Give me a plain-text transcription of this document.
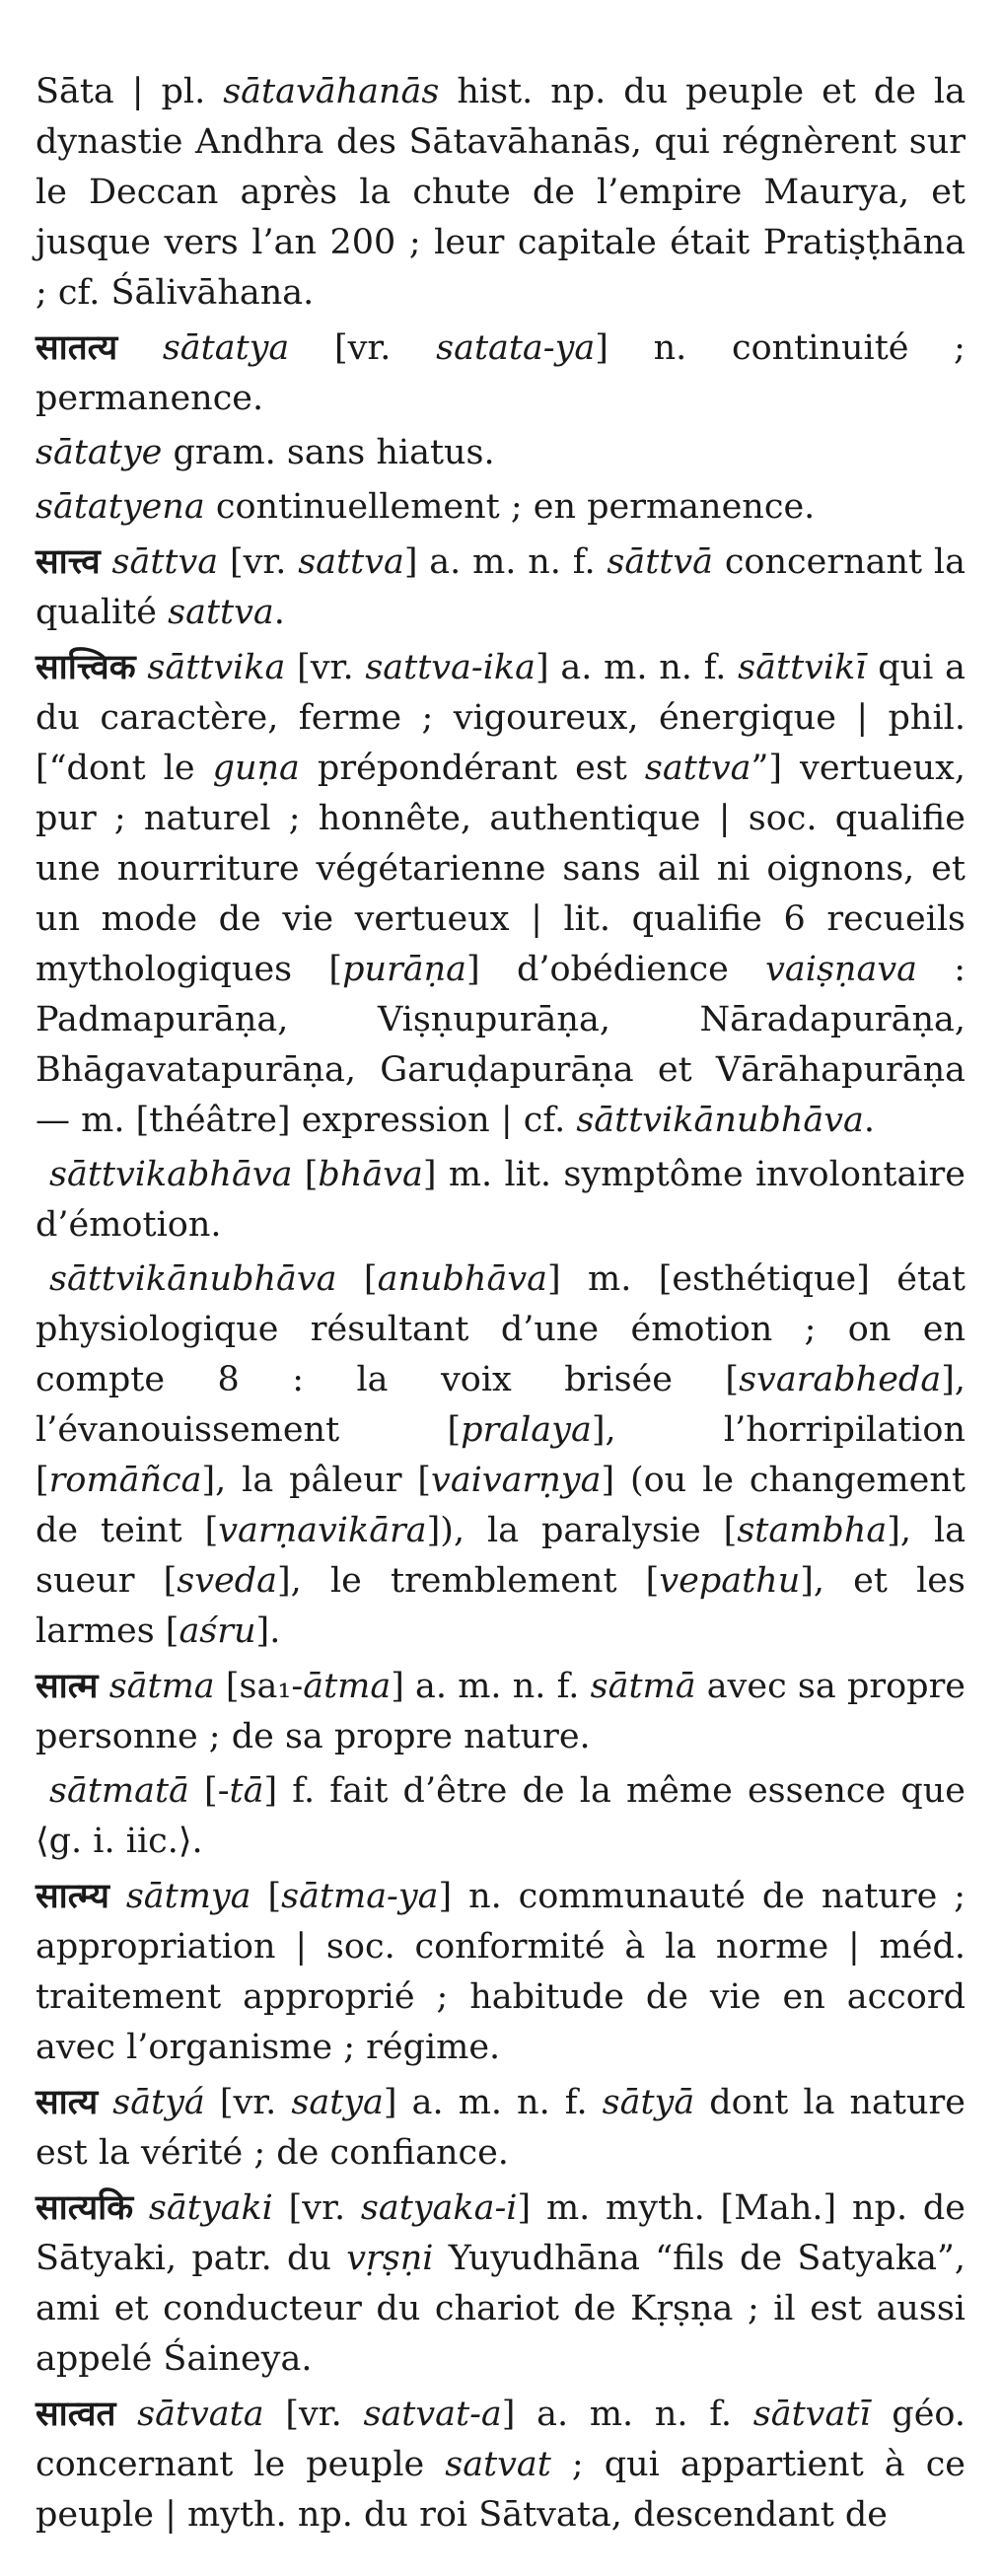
Sāta | pl. sātavāhanās hist. np. du peuple et de la dynastie Andhra des Sātavāhanās, qui régnèrent sur le Deccan après la chute de l’empire Maurya, et jusque vers l’an 200 ; leur capitale était Pratiṣṭhāna ; cf. Śālivāhana.

सातत्य sātatya [vr. satata-ya] n. continuité ; permanence.

sātatye gram. sans hiatus.

sātatyena continuellement ; en permanence.

सात्त्व sāttva [vr. sattva] a. m. n. f. sāttvā concernant la qualité sattva.

सात्त्विक sāttvika [vr. sattva-ika] a. m. n. f. sāttvikī qui a du caractère, ferme ; vigoureux, énergique | phil. [“dont le guṇa prépondérant est sattva”] vertueux, pur ; naturel ; honnête, authentique | soc. qualifie une nourriture végétarienne sans ail ni oignons, et un mode de vie vertueux | lit. qualifie 6 recueils mythologiques [purāṇa] d’obédience vaiṣṇava : Padmapurāṇa, Viṣṇupurāṇa, Nāradapurāṇa, Bhāgavatapurāṇa, Garuḍapurāṇa et Vārāhapurāṇa — m. [théâtre] expression | cf. sāttvikānubhāva.

sāttvikabhāva [bhāva] m. lit. symptôme involontaire d’émotion.

sāttvikānubhāva [anubhāva] m. [esthétique] état physiologique résultant d’une émotion ; on en compte 8 : la voix brisée [svarabheda], l’évanouissement [pralaya], l’horripilation [romāñca], la pâleur [vaivarṇya] (ou le changement de teint [varṇavikāra]), la paralysie [stambha], la sueur [sveda], le tremblement [vepathu], et les larmes [aśru].

सात्म sātma [sa₁-ātma] a. m. n. f. sātmā avec sa propre personne ; de sa propre nature.

sātmatā [-tā] f. fait d’être de la même essence que ⟨g. i. iic.⟩.

सात्म्य sātmya [sātma-ya] n. communauté de nature ; appropriation | soc. conformité à la norme | méd. traitement approprié ; habitude de vie en accord avec l’organisme ; régime.

सात्य sātyá [vr. satya] a. m. n. f. sātyā dont la nature est la vérité ; de confiance.

सात्यकि sātyaki [vr. satyaka-i] m. myth. [Mah.] np. de Sātyaki, patr. du vṛṣṇi Yuyudhāna “fils de Satyaka”, ami et conducteur du chariot de Kṛṣṇa ; il est aussi appelé Śaineya.

सात्वत sātvata [vr. satvat-a] a. m. n. f. sātvatī géo. concernant le peuple satvat ; qui appartient à ce peuple | myth. np. du roi Sātvata, descendant de
